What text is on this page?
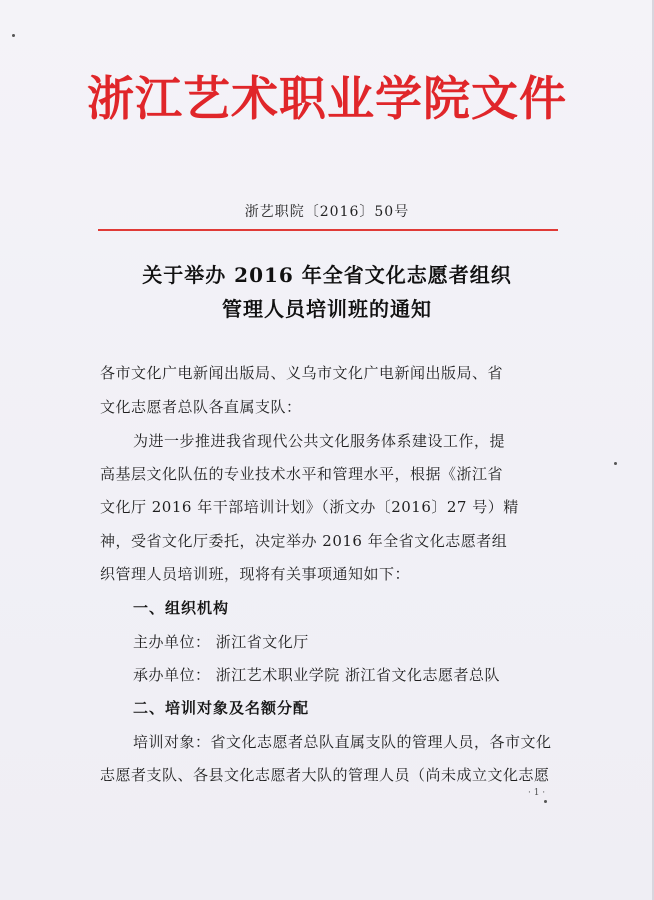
浙江艺术职业学院文件
浙艺职院〔2016〕50号
关于举办 2016 年全省文化志愿者组织
管理人员培训班的通知
各市文化广电新闻出版局、义乌市文化广电新闻出版局、省
文化志愿者总队各直属支队：
为进一步推进我省现代公共文化服务体系建设工作，提
高基层文化队伍的专业技术水平和管理水平，根据《浙江省
文化厅 2016 年干部培训计划》（浙文办〔2016〕27 号）精
神，受省文化厅委托，决定举办 2016 年全省文化志愿者组
织管理人员培训班，现将有关事项通知如下：
一、组织机构
主办单位： 浙江省文化厅
承办单位： 浙江艺术职业学院 浙江省文化志愿者总队
二、培训对象及名额分配
培训对象：省文化志愿者总队直属支队的管理人员，各市文化
志愿者支队、各县文化志愿者大队的管理人员（尚未成立文化志愿
· 1 ·
